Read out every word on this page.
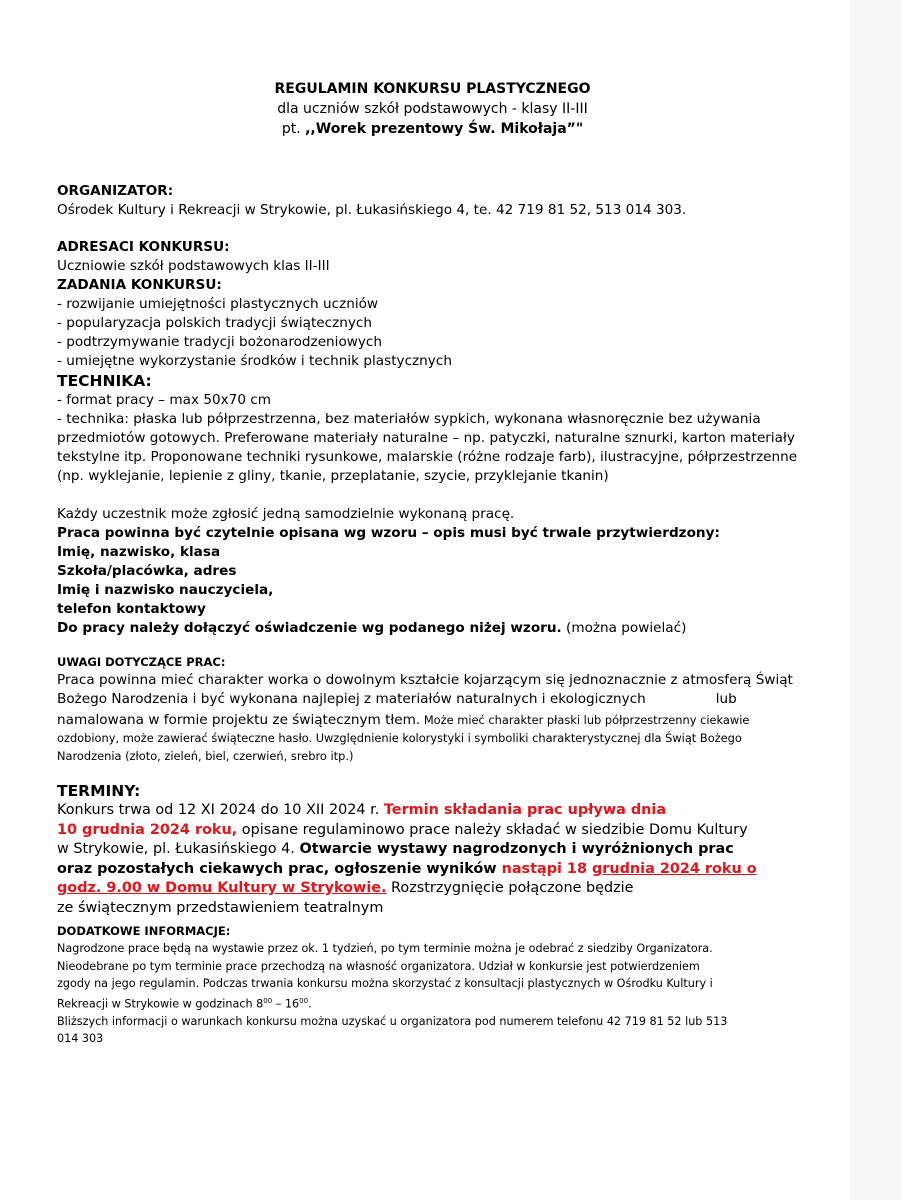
REGULAMIN KONKURSU PLASTYCZNEGO
dla uczniów szkół podstawowych - klasy II-III
pt. ,,Worek prezentowy Św. Mikołaja”"
ORGANIZATOR:
Ośrodek Kultury i Rekreacji w Strykowie, pl. Łukasińskiego 4, te. 42 719 81 52, 513 014 303.
ADRESACI KONKURSU:
Uczniowie szkół podstawowych klas II-III
ZADANIA KONKURSU:
- rozwijanie umiejętności plastycznych uczniów
- popularyzacja polskich tradycji świątecznych
- podtrzymywanie tradycji bożonarodzeniowych
- umiejętne wykorzystanie środków i technik plastycznych
TECHNIKA:
- format pracy – max 50x70 cm
- technika: płaska lub półprzestrzenna, bez materiałów sypkich, wykonana własnoręcznie bez używania
przedmiotów gotowych. Preferowane materiały naturalne – np. patyczki, naturalne sznurki, karton materiały
tekstylne itp. Proponowane techniki rysunkowe, malarskie (różne rodzaje farb), ilustracyjne, półprzestrzenne
(np. wyklejanie, lepienie z gliny, tkanie, przeplatanie, szycie, przyklejanie tkanin)
Każdy uczestnik może zgłosić jedną samodzielnie wykonaną pracę.
Praca powinna być czytelnie opisana wg wzoru – opis musi być trwale przytwierdzony:
Imię, nazwisko, klasa
Szkoła/placówka, adres
Imię i nazwisko nauczyciela,
telefon kontaktowy
Do pracy należy dołączyć oświadczenie wg podanego niżej wzoru. (można powielać)
UWAGI DOTYCZĄCE PRAC:
Praca powinna mieć charakter worka o dowolnym kształcie kojarzącym się jednoznacznie z atmosferą Świąt
Bożego Narodzenia i być wykonana najlepiej z materiałów naturalnych i ekologicznych	lub
namalowana w formie projektu ze świątecznym tłem. Może mieć charakter płaski lub półprzestrzenny ciekawie
ozdobiony, może zawierać świąteczne hasło. Uwzględnienie kolorystyki i symboliki charakterystycznej dla Świąt Bożego
Narodzenia (złoto, zieleń, biel, czerwień, srebro itp.)
TERMINY:
Konkurs trwa od 12 XI 2024 do 10 XII 2024 r. Termin składania prac upływa dnia
10 grudnia 2024 roku, opisane regulaminowo prace należy składać w siedzibie Domu Kultury
w Strykowie, pl. Łukasińskiego 4. Otwarcie wystawy nagrodzonych i wyróżnionych prac
oraz pozostałych ciekawych prac, ogłoszenie wyników nastąpi 18 grudnia 2024 roku o
godz. 9.00 w Domu Kultury w Strykowie. Rozstrzygnięcie połączone będzie
ze świątecznym przedstawieniem teatralnym
DODATKOWE INFORMACJE:
Nagrodzone prace będą na wystawie przez ok. 1 tydzień, po tym terminie można je odebrać z siedziby Organizatora.
Nieodebrane po tym terminie prace przechodzą na własność organizatora. Udział w konkursie jest potwierdzeniem
zgody na jego regulamin. Podczas trwania konkursu można skorzystać z konsultacji plastycznych w Ośrodku Kultury i
Rekreacji w Strykowie w godzinach $8^{00} - 16^{00}$.
Bliższych informacji o warunkach konkursu można uzyskać u organizatora pod numerem telefonu 42 719 81 52 lub 513
014 303
